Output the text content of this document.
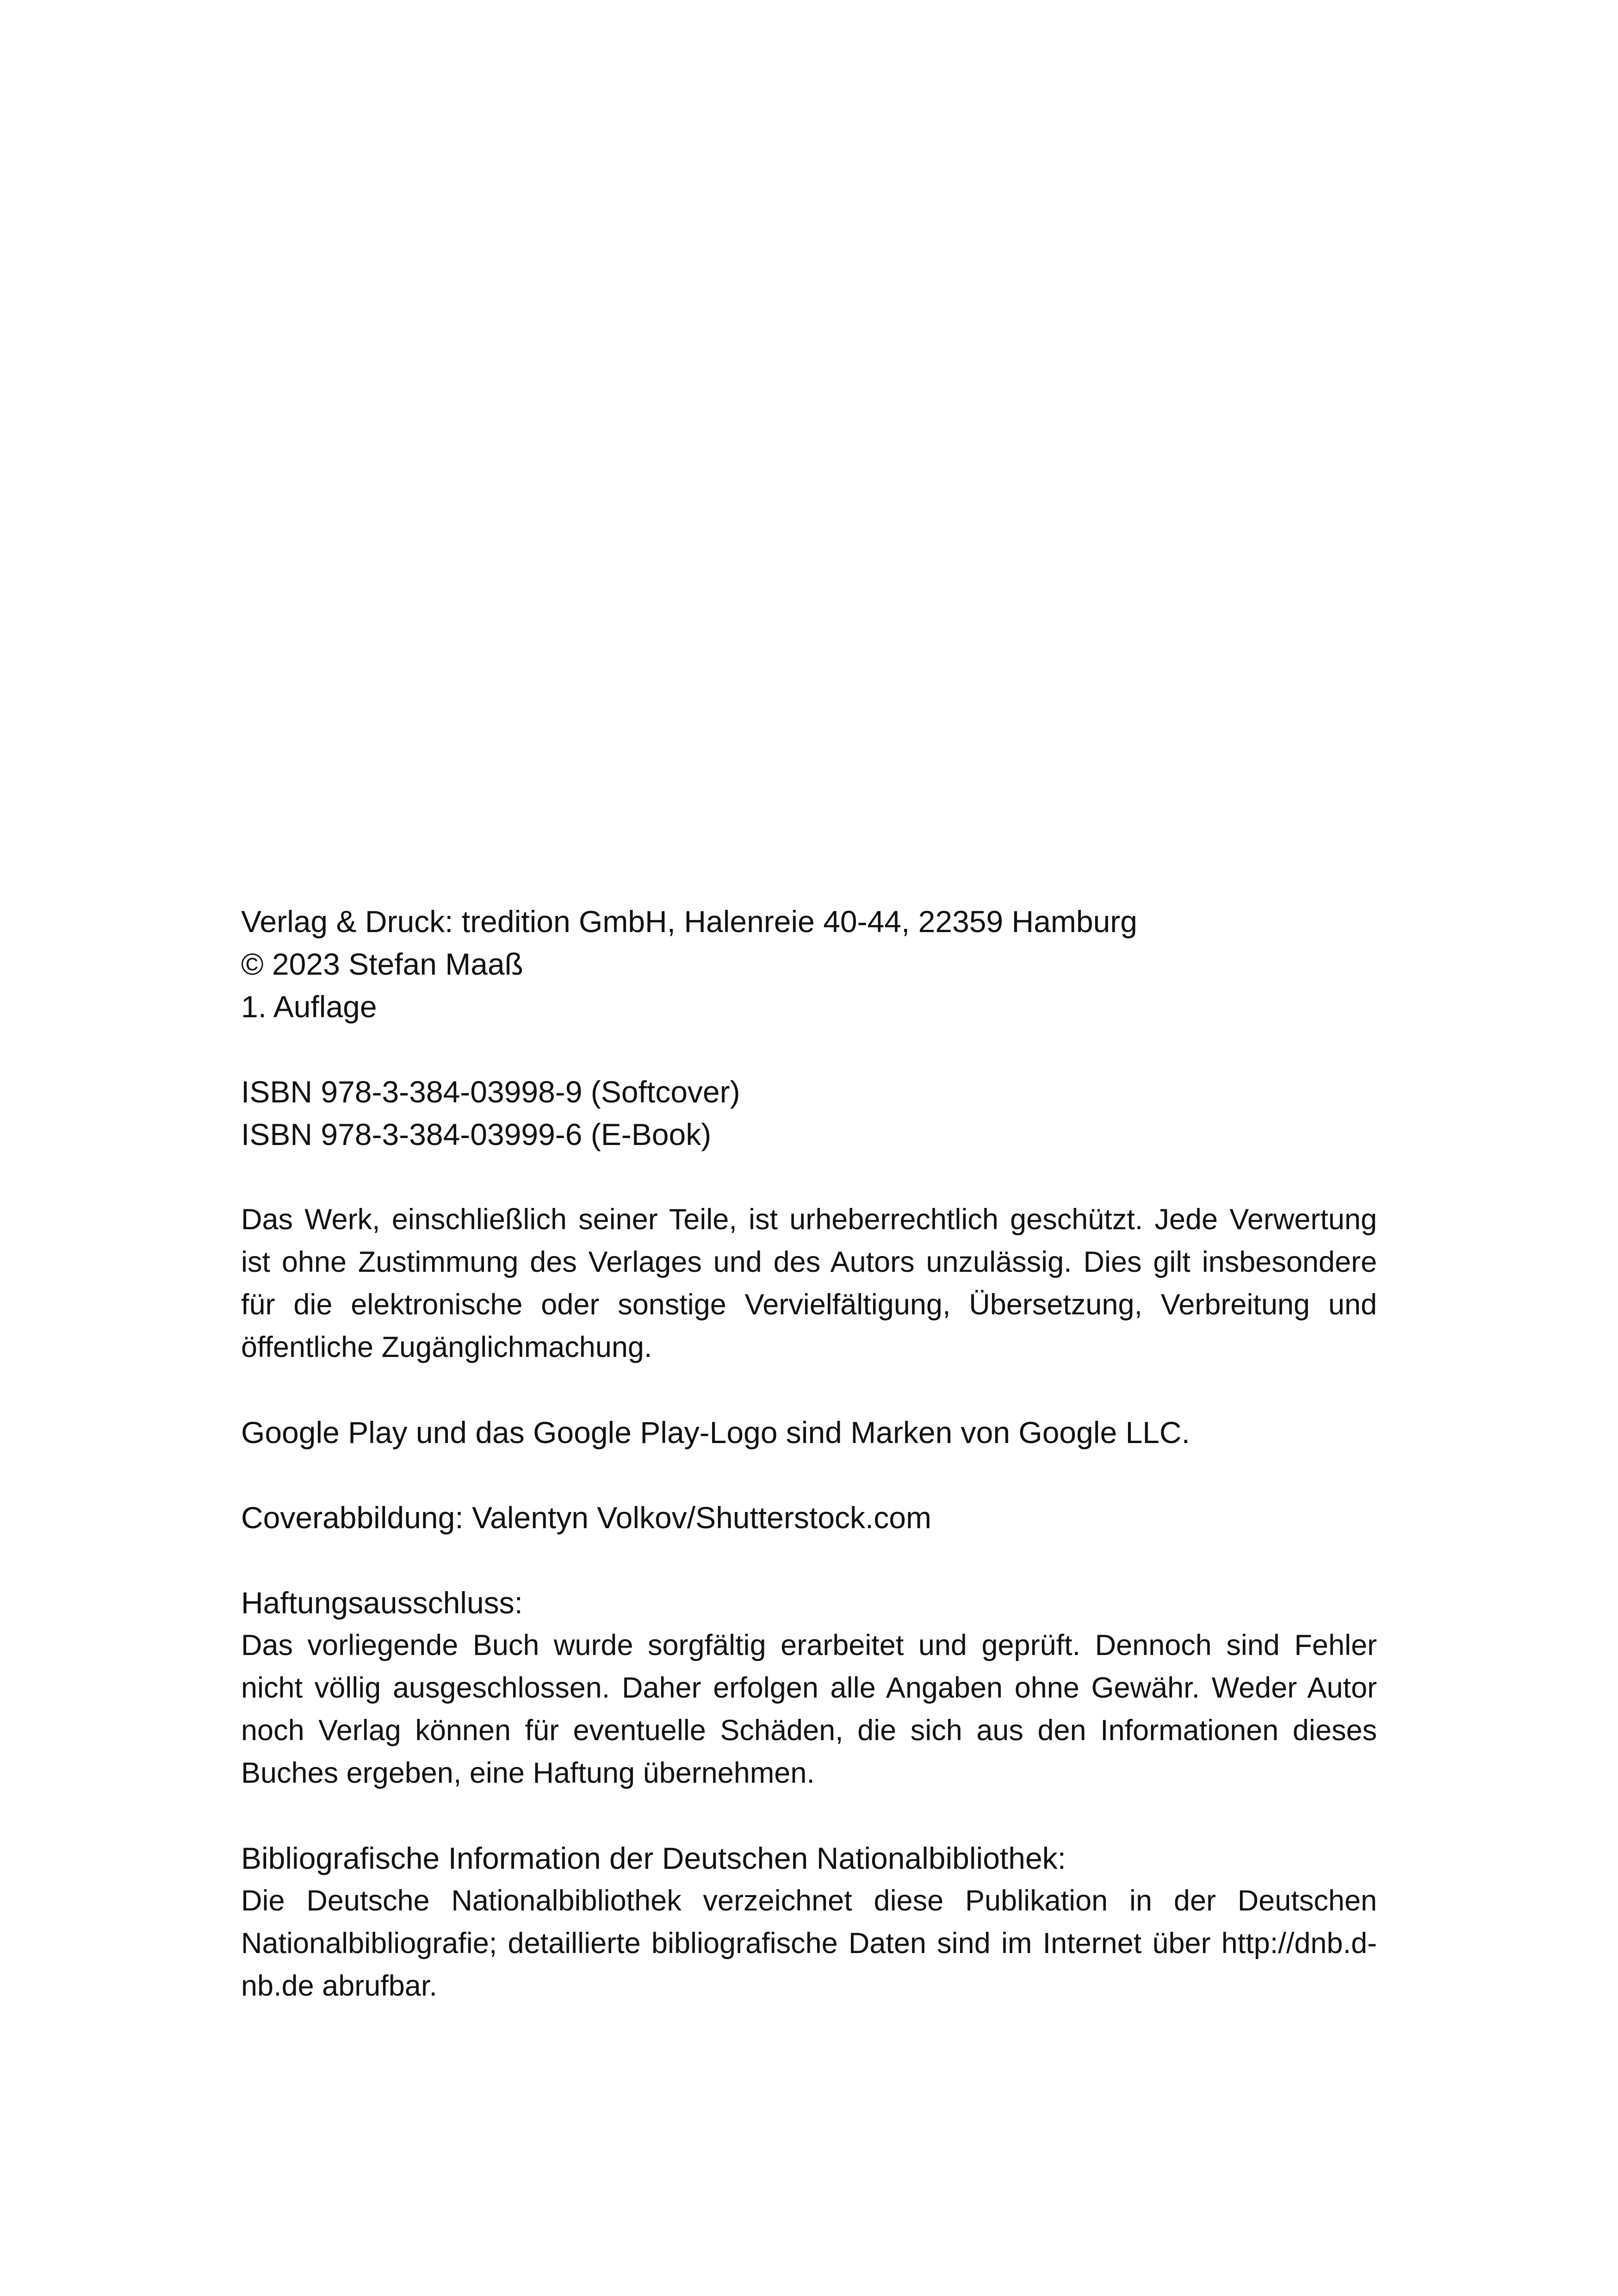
Verlag & Druck: tredition GmbH, Halenreie 40-44, 22359 Hamburg
© 2023 Stefan Maaß
1. Auflage
ISBN 978-3-384-03998-9 (Softcover)
ISBN 978-3-384-03999-6 (E-Book)
Das Werk, einschließlich seiner Teile, ist urheberrechtlich geschützt. Jede Verwertung ist ohne Zustimmung des Verlages und des Autors unzulässig. Dies gilt insbesondere für die elektronische oder sonstige Vervielfältigung, Übersetzung, Verbreitung und öffentliche Zugänglichmachung.
Google Play und das Google Play-Logo sind Marken von Google LLC.
Coverabbildung: Valentyn Volkov/Shutterstock.com
Haftungsausschluss:
Das vorliegende Buch wurde sorgfältig erarbeitet und geprüft. Dennoch sind Fehler nicht völlig ausgeschlossen. Daher erfolgen alle Angaben ohne Gewähr. Weder Autor noch Verlag können für eventuelle Schäden, die sich aus den Informationen dieses Buches ergeben, eine Haftung übernehmen.
Bibliografische Information der Deutschen Nationalbibliothek:
Die Deutsche Nationalbibliothek verzeichnet diese Publikation in der Deutschen Nationalbibliografie; detaillierte bibliografische Daten sind im Internet über http://dnb.d-nb.de abrufbar.
